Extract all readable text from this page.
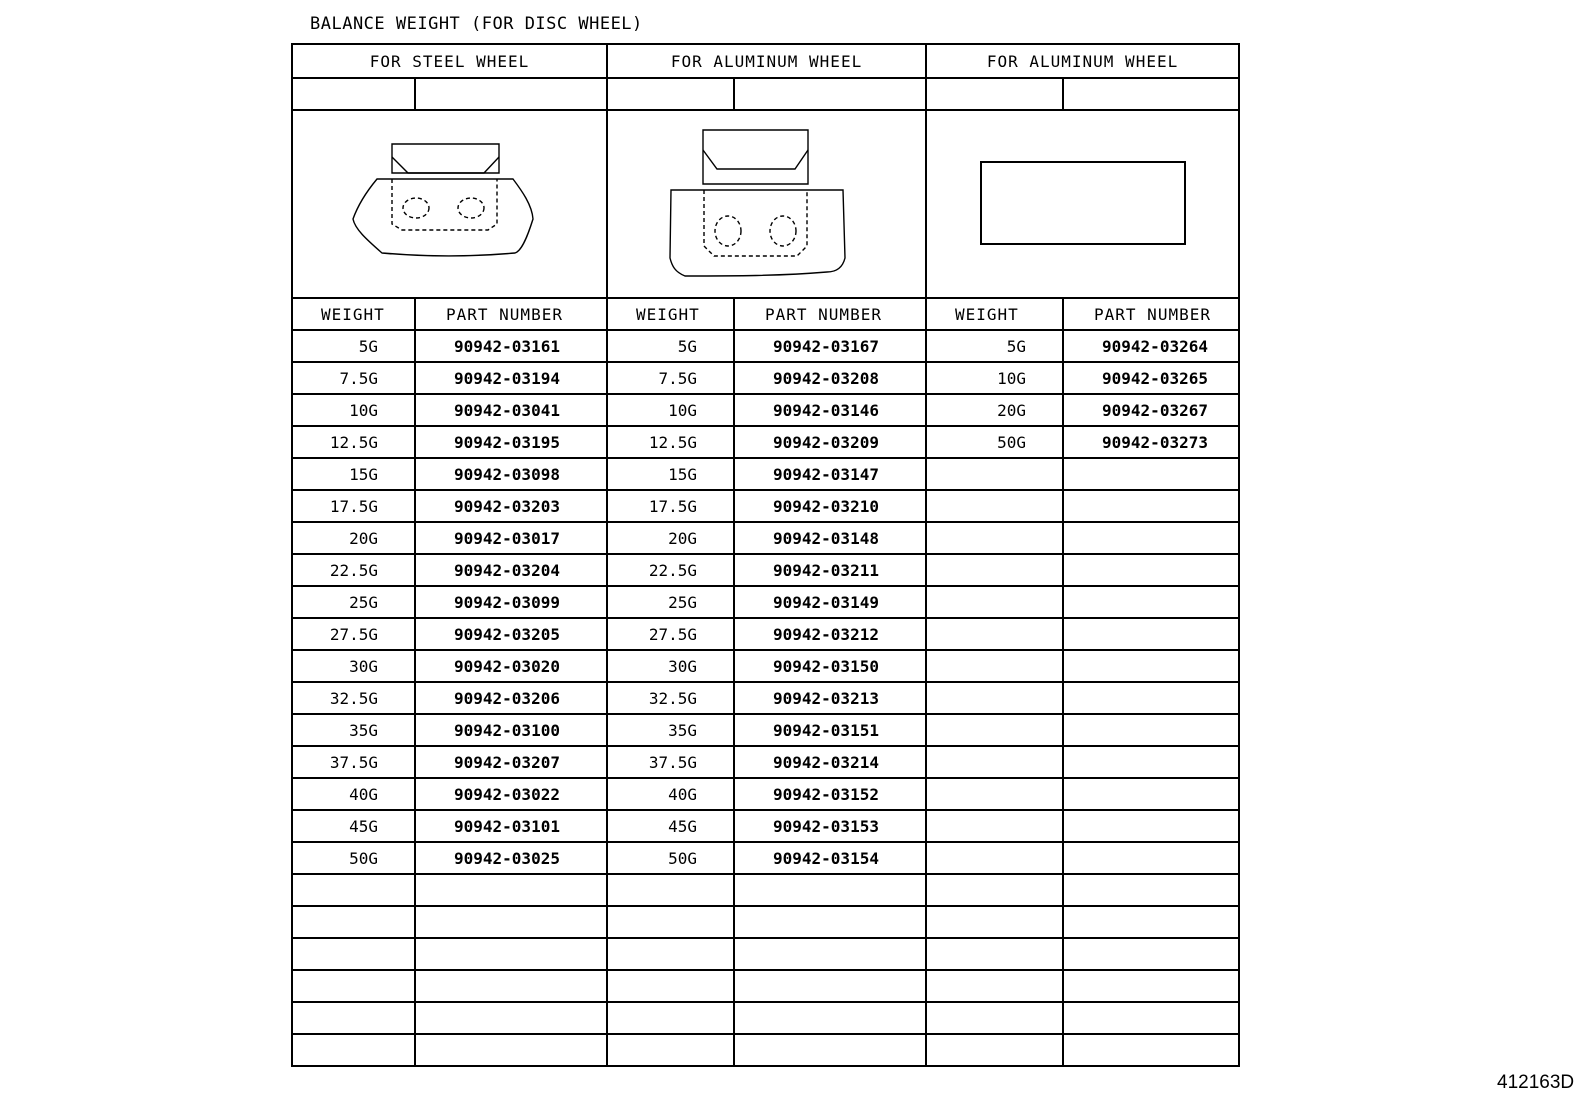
BALANCE WEIGHT (FOR DISC WHEEL)
FOR STEEL WHEEL		FOR ALUMINUM WHEEL		FOR ALUMINUM WHEEL	

WEIGHT	PART NUMBER	WEIGHT	PART NUMBER	WEIGHT	PART NUMBER
5G	90942-03161	5G	90942-03167	5G	90942-03264
7.5G	90942-03194	7.5G	90942-03208	10G	90942-03265
10G	90942-03041	10G	90942-03146	20G	90942-03267
12.5G	90942-03195	12.5G	90942-03209	50G	90942-03273
15G	90942-03098	15G	90942-03147		
17.5G	90942-03203	17.5G	90942-03210		
20G	90942-03017	20G	90942-03148		
22.5G	90942-03204	22.5G	90942-03211		
25G	90942-03099	25G	90942-03149		
27.5G	90942-03205	27.5G	90942-03212		
30G	90942-03020	30G	90942-03150		
32.5G	90942-03206	32.5G	90942-03213		
35G	90942-03100	35G	90942-03151		
37.5G	90942-03207	37.5G	90942-03214		
40G	90942-03022	40G	90942-03152		
45G	90942-03101	45G	90942-03153		
50G	90942-03025	50G	90942-03154		

412163D
